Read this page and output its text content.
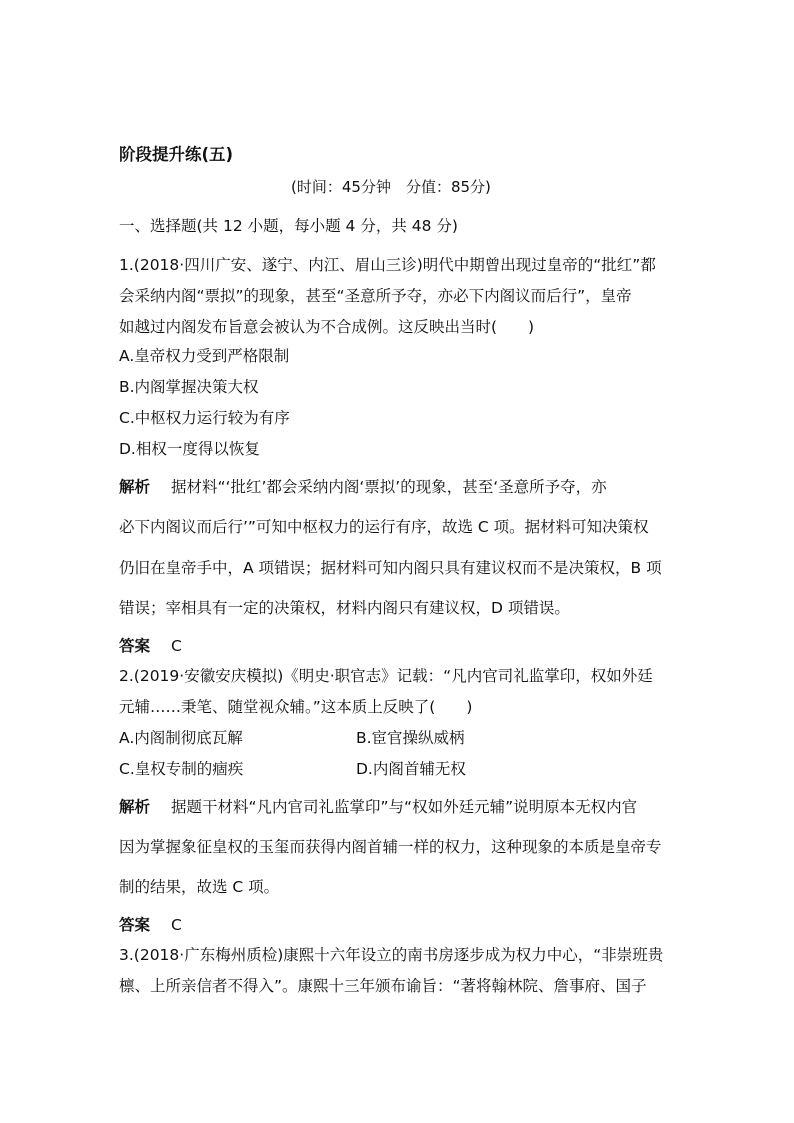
阶段提升练(五)
(时间：45分钟　分值：85分)
一、选择题(共 12 小题，每小题 4 分，共 48 分)
1.(2018·四川广安、遂宁、内江、眉山三诊)明代中期曾出现过皇帝的“批红”都
会采纳内阁“票拟”的现象，甚至“圣意所予夺，亦必下内阁议而后行”，皇帝
如越过内阁发布旨意会被认为不合成例。这反映出当时(　　)
A.皇帝权力受到严格限制
B.内阁掌握决策大权
C.中枢权力运行较为有序
D.相权一度得以恢复
解析 据材料“‘批红’都会采纳内阁‘票拟’的现象，甚至‘圣意所予夺，亦
必下内阁议而后行’”可知中枢权力的运行有序，故选 C 项。据材料可知决策权
仍旧在皇帝手中，A 项错误；据材料可知内阁只具有建议权而不是决策权，B 项
错误；宰相具有一定的决策权，材料内阁只有建议权，D 项错误。
答案 C
2.(2019·安徽安庆模拟)《明史·职官志》记载：“凡内官司礼监掌印，权如外廷
元辅……秉笔、随堂视众辅。”这本质上反映了(　　)
A.内阁制彻底瓦解	B.宦官操纵威柄
C.皇权专制的痼疾	D.内阁首辅无权
解析 据题干材料“凡内官司礼监掌印”与“权如外廷元辅”说明原本无权内官
因为掌握象征皇权的玉玺而获得内阁首辅一样的权力，这种现象的本质是皇帝专
制的结果，故选 C 项。
答案 C
3.(2018·广东梅州质检)康熙十六年设立的南书房逐步成为权力中心，“非崇班贵
檩、上所亲信者不得入”。康熙十三年颁布谕旨：“著将翰林院、詹事府、国子
